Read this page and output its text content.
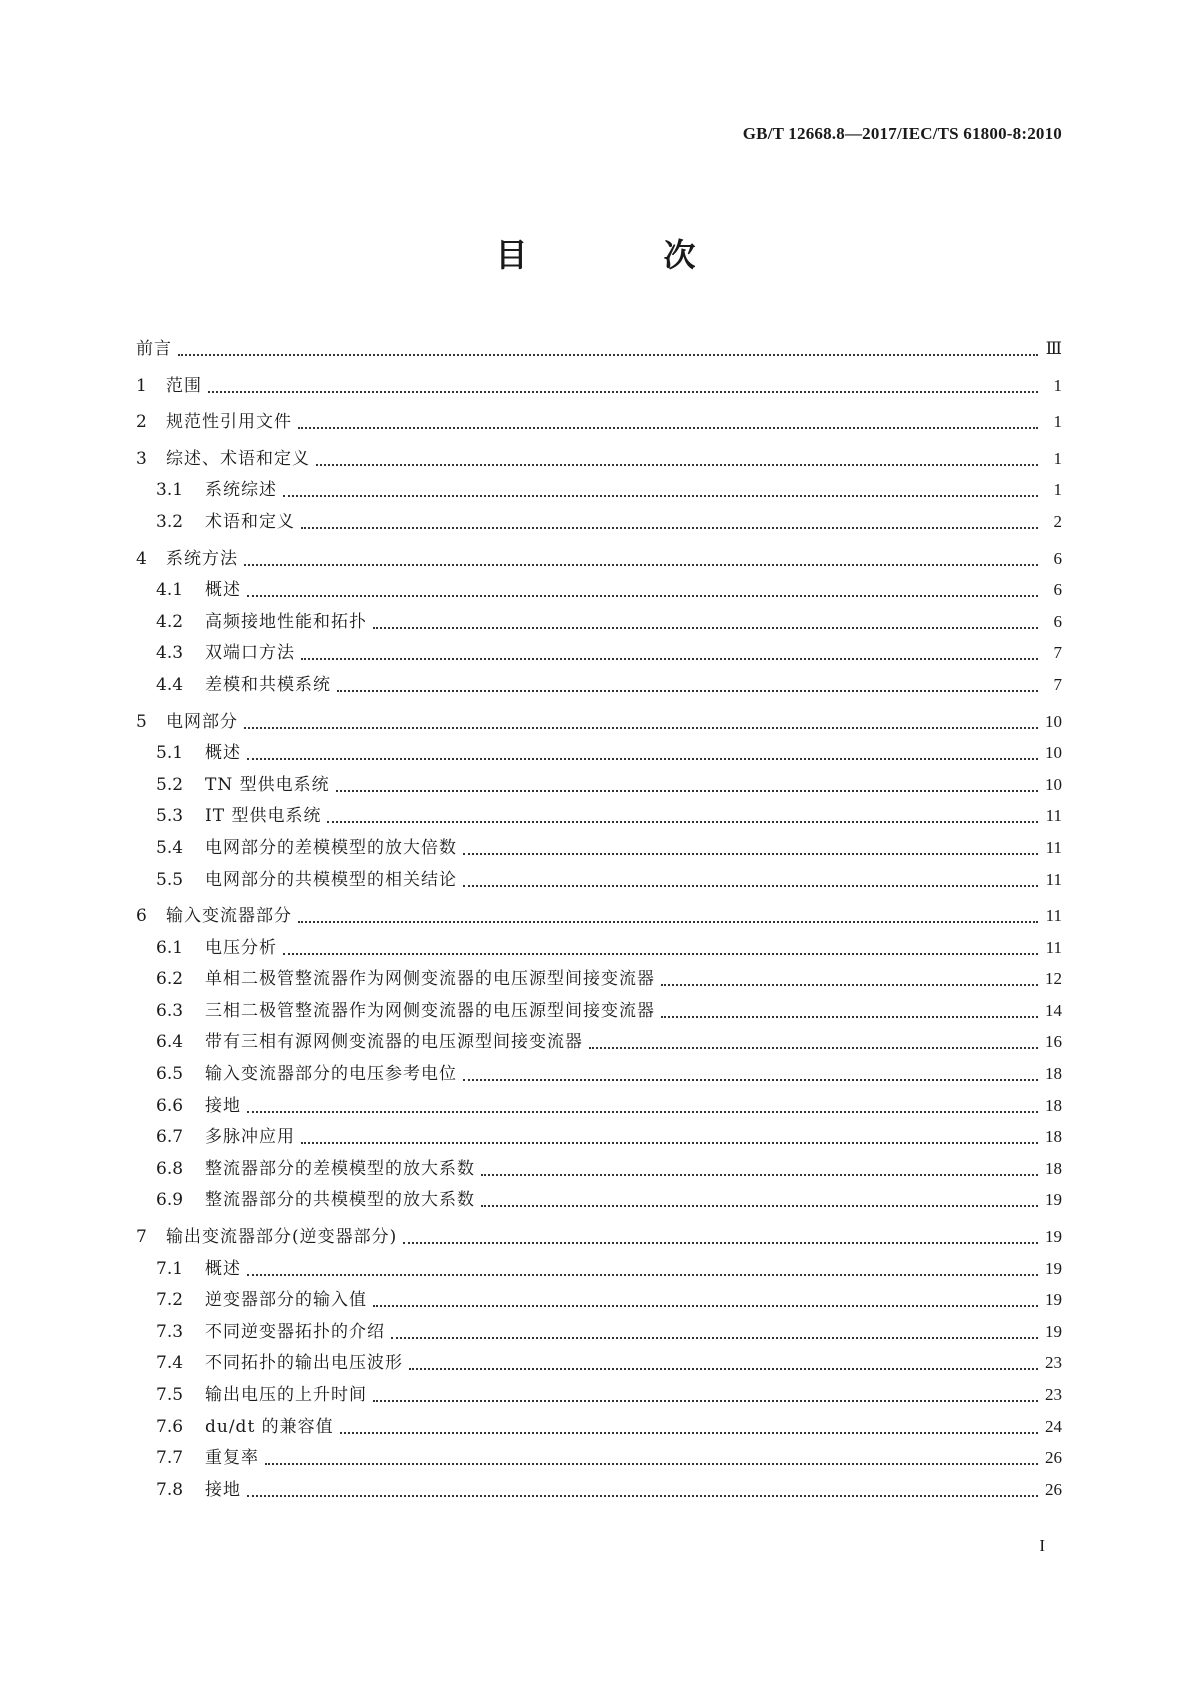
GB/T 12668.8—2017/IEC/TS 61800-8:2010
目　次
前言	Ⅲ
1	范围	1
2	规范性引用文件	1
3	综述、术语和定义	1
3.1	系统综述	1
3.2	术语和定义	2
4	系统方法	6
4.1	概述	6
4.2	高频接地性能和拓扑	6
4.3	双端口方法	7
4.4	差模和共模系统	7
5	电网部分	10
5.1	概述	10
5.2	TN 型供电系统	10
5.3	IT 型供电系统	11
5.4	电网部分的差模模型的放大倍数	11
5.5	电网部分的共模模型的相关结论	11
6	输入变流器部分	11
6.1	电压分析	11
6.2	单相二极管整流器作为网侧变流器的电压源型间接变流器	12
6.3	三相二极管整流器作为网侧变流器的电压源型间接变流器	14
6.4	带有三相有源网侧变流器的电压源型间接变流器	16
6.5	输入变流器部分的电压参考电位	18
6.6	接地	18
6.7	多脉冲应用	18
6.8	整流器部分的差模模型的放大系数	18
6.9	整流器部分的共模模型的放大系数	19
7	输出变流器部分(逆变器部分)	19
7.1	概述	19
7.2	逆变器部分的输入值	19
7.3	不同逆变器拓扑的介绍	19
7.4	不同拓扑的输出电压波形	23
7.5	输出电压的上升时间	23
7.6	du/dt 的兼容值	24
7.7	重复率	26
7.8	接地	26
I
